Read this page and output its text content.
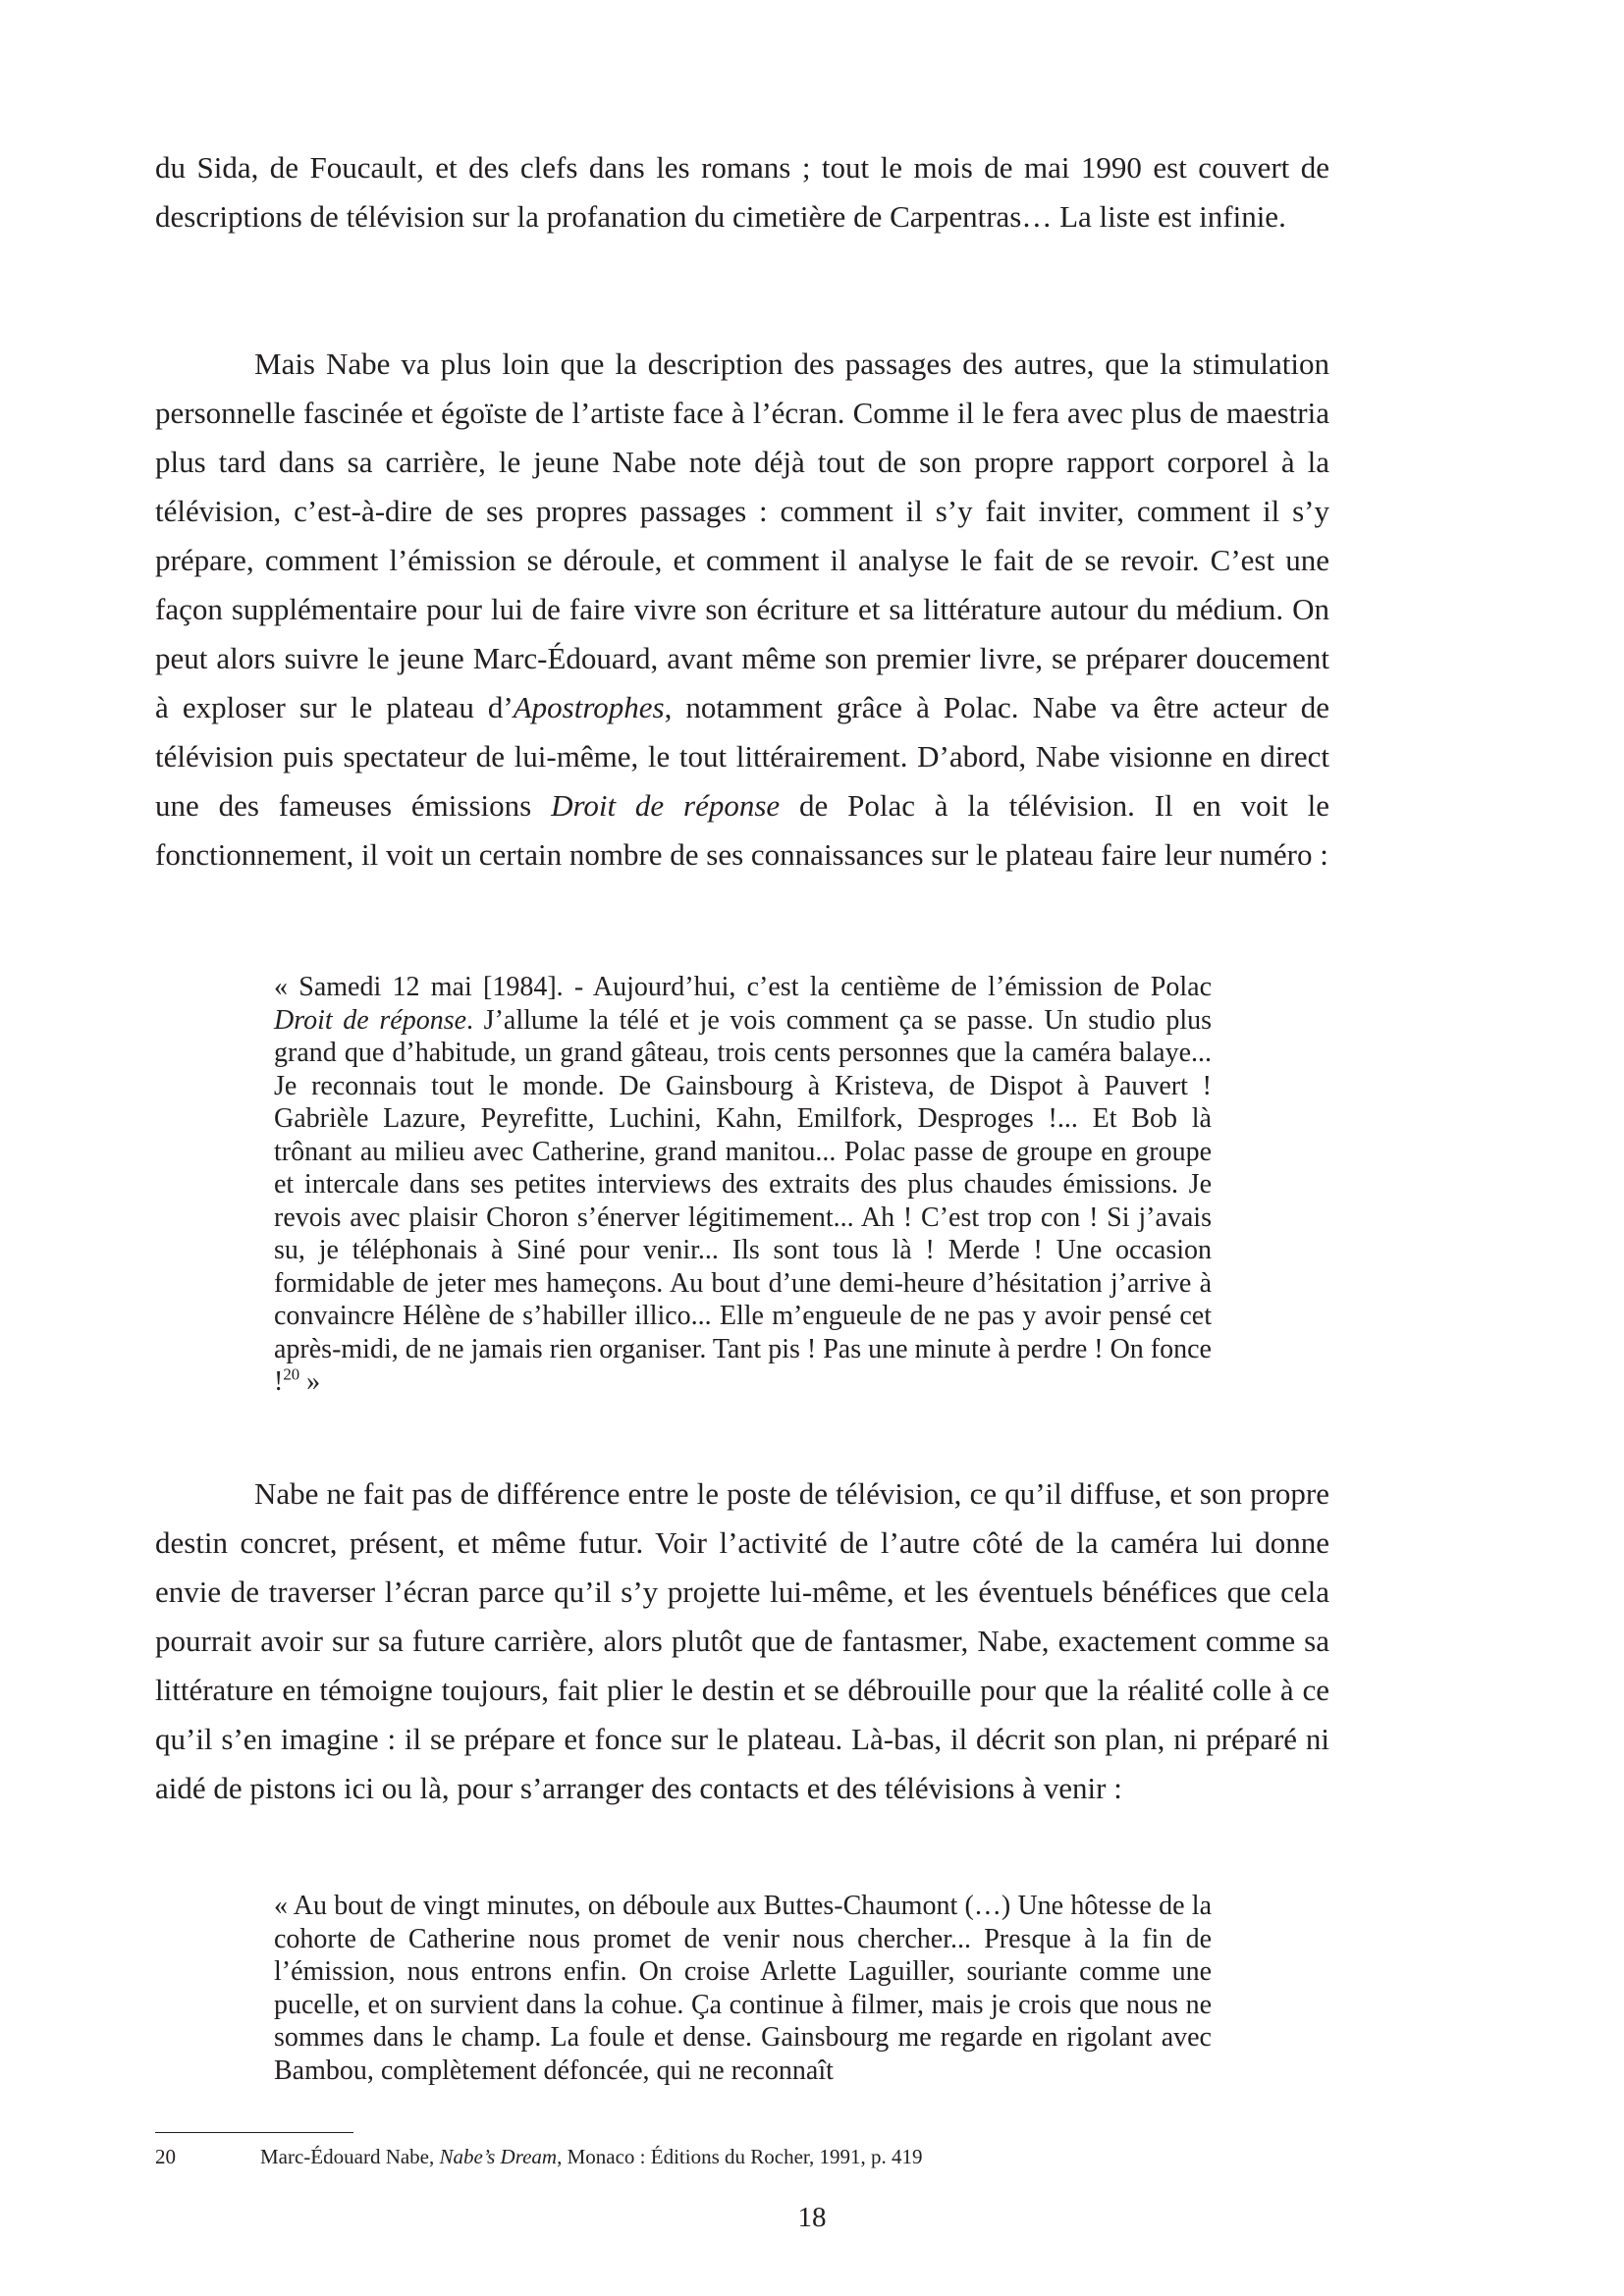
du Sida, de Foucault, et des clefs dans les romans ; tout le mois de mai 1990 est couvert de descriptions de télévision sur la profanation du cimetière de Carpentras… La liste est infinie.

Mais Nabe va plus loin que la description des passages des autres, que la stimulation personnelle fascinée et égoïste de l’artiste face à l’écran. Comme il le fera avec plus de maestria plus tard dans sa carrière, le jeune Nabe note déjà tout de son propre rapport corporel à la télévision, c’est-à-dire de ses propres passages : comment il s’y fait inviter, comment il s’y prépare, comment l’émission se déroule, et comment il analyse le fait de se revoir. C’est une façon supplémentaire pour lui de faire vivre son écriture et sa littérature autour du médium. On peut alors suivre le jeune Marc-Édouard, avant même son premier livre, se préparer doucement à exploser sur le plateau d’Apostrophes, notamment grâce à Polac. Nabe va être acteur de télévision puis spectateur de lui-même, le tout littérairement. D’abord, Nabe visionne en direct une des fameuses émissions Droit de réponse de Polac à la télévision. Il en voit le fonctionnement, il voit un certain nombre de ses connaissances sur le plateau faire leur numéro :

« Samedi 12 mai [1984]. - Aujourd’hui, c’est la centième de l’émission de Polac Droit de réponse. J’allume la télé et je vois comment ça se passe. Un studio plus grand que d’habitude, un grand gâteau, trois cents personnes que la caméra balaye... Je reconnais tout le monde. De Gainsbourg à Kristeva, de Dispot à Pauvert ! Gabrièle Lazure, Peyrefitte, Luchini, Kahn, Emilfork, Desproges !... Et Bob là trônant au milieu avec Catherine, grand manitou... Polac passe de groupe en groupe et intercale dans ses petites interviews des extraits des plus chaudes émissions. Je revois avec plaisir Choron s’énerver légitimement... Ah ! C’est trop con ! Si j’avais su, je téléphonais à Siné pour venir... Ils sont tous là ! Merde ! Une occasion formidable de jeter mes hameçons. Au bout d’une demi-heure d’hésitation j’arrive à convaincre Hélène de s’habiller illico... Elle m’engueule de ne pas y avoir pensé cet après-midi, de ne jamais rien organiser. Tant pis ! Pas une minute à perdre ! On fonce !$^{20}$ »

Nabe ne fait pas de différence entre le poste de télévision, ce qu’il diffuse, et son propre destin concret, présent, et même futur. Voir l’activité de l’autre côté de la caméra lui donne envie de traverser l’écran parce qu’il s’y projette lui-même, et les éventuels bénéfices que cela pourrait avoir sur sa future carrière, alors plutôt que de fantasmer, Nabe, exactement comme sa littérature en témoigne toujours, fait plier le destin et se débrouille pour que la réalité colle à ce qu’il s’en imagine : il se prépare et fonce sur le plateau. Là-bas, il décrit son plan, ni préparé ni aidé de pistons ici ou là, pour s’arranger des contacts et des télévisions à venir :

« Au bout de vingt minutes, on déboule aux Buttes-Chaumont (…) Une hôtesse de la cohorte de Catherine nous promet de venir nous chercher... Presque à la fin de l’émission, nous entrons enfin. On croise Arlette Laguiller, souriante comme une pucelle, et on survient dans la cohue. Ça continue à filmer, mais je crois que nous ne sommes dans le champ. La foule et dense. Gainsbourg me regarde en rigolant avec Bambou, complètement défoncée, qui ne reconnaît

20	Marc-Édouard Nabe, Nabe’s Dream, Monaco : Éditions du Rocher, 1991, p. 419
18
